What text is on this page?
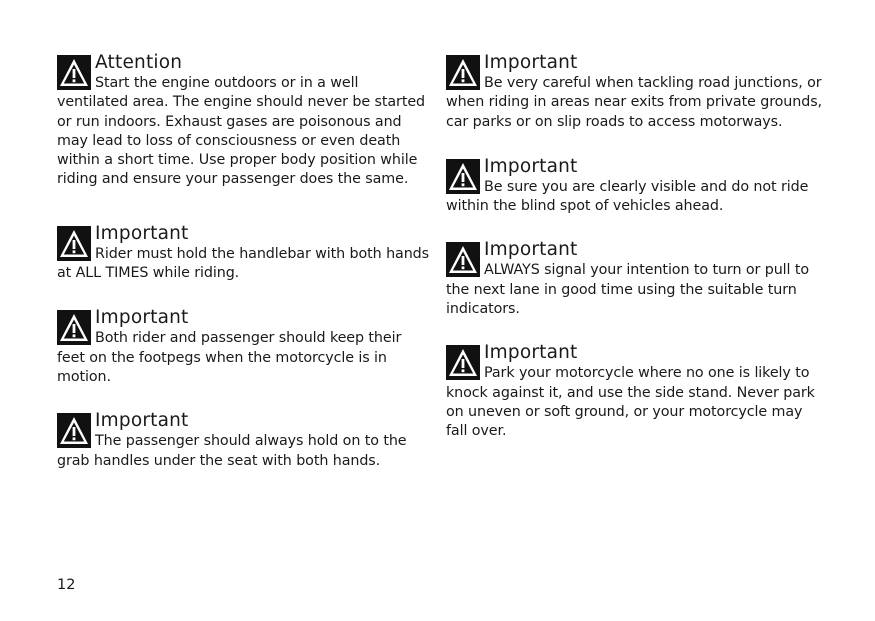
Attention
Start the engine outdoors or in a well ventilated area. The engine should never be started or run indoors. Exhaust gases are poisonous and may lead to loss of consciousness or even death within a short time. Use proper body position while riding and ensure your passenger does the same.
Important
Rider must hold the handlebar with both hands at ALL TIMES while riding.
Important
Both rider and passenger should keep their feet on the footpegs when the motorcycle is in motion.
Important
The passenger should always hold on to the grab handles under the seat with both hands.
Important
Be very careful when tackling road junctions, or when riding in areas near exits from private grounds, car parks or on slip roads to access motorways.
Important
Be sure you are clearly visible and do not ride within the blind spot of vehicles ahead.
Important
ALWAYS signal your intention to turn or pull to the next lane in good time using the suitable turn indicators.
Important
Park your motorcycle where no one is likely to knock against it, and use the side stand. Never park on uneven or soft ground, or your motorcycle may fall over.
12
